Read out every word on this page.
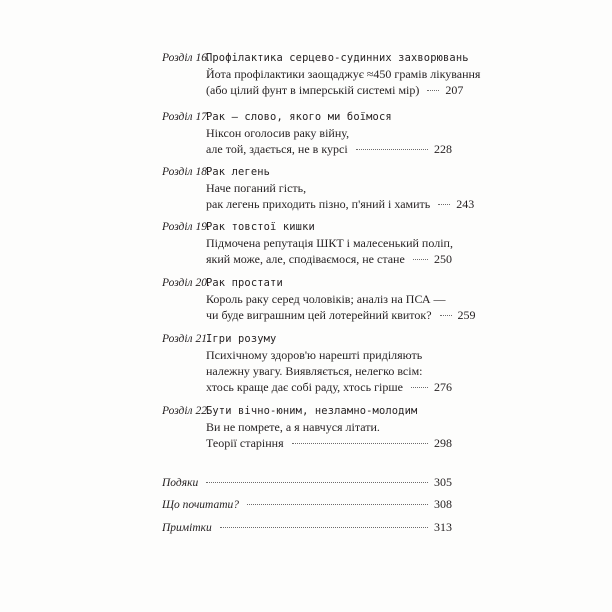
Розділ 16.
Профілактика серцево-судинних захворювань
Йота профілактики заощаджує ≈450 грамів лікування
(або цілий фунт в імперській системі мір) 207
Розділ 17.
Рак — слово, якого ми боїмося
Ніксон оголосив раку війну,
але той, здається, не в курсі	228
Розділ 18.
Рак легень
Наче поганий гість,
рак легень приходить пізно, п'яний і хамить 243
Розділ 19.
Рак товстої кишки
Підмочена репутація ШКТ і малесенький поліп,
який може, але, сподіваємося, не стане 250
Розділ 20.
Рак простати
Король раку серед чоловіків; аналіз на ПСА —
чи буде виграшним цей лотерейний квиток? 259
Розділ 21.
Ігри розуму
Психічному здоров'ю нарешті приділяють
належну увагу. Виявляється, нелегко всім:
хтось краще дає собі раду, хтось гірше	276
Розділ 22.
Бути вічно-юним, незламно-молодим
Ви не помрете, а я навчуся літати.
Теорії старіння	298
Подяки	305
Що почитати?	308
Примітки	313
